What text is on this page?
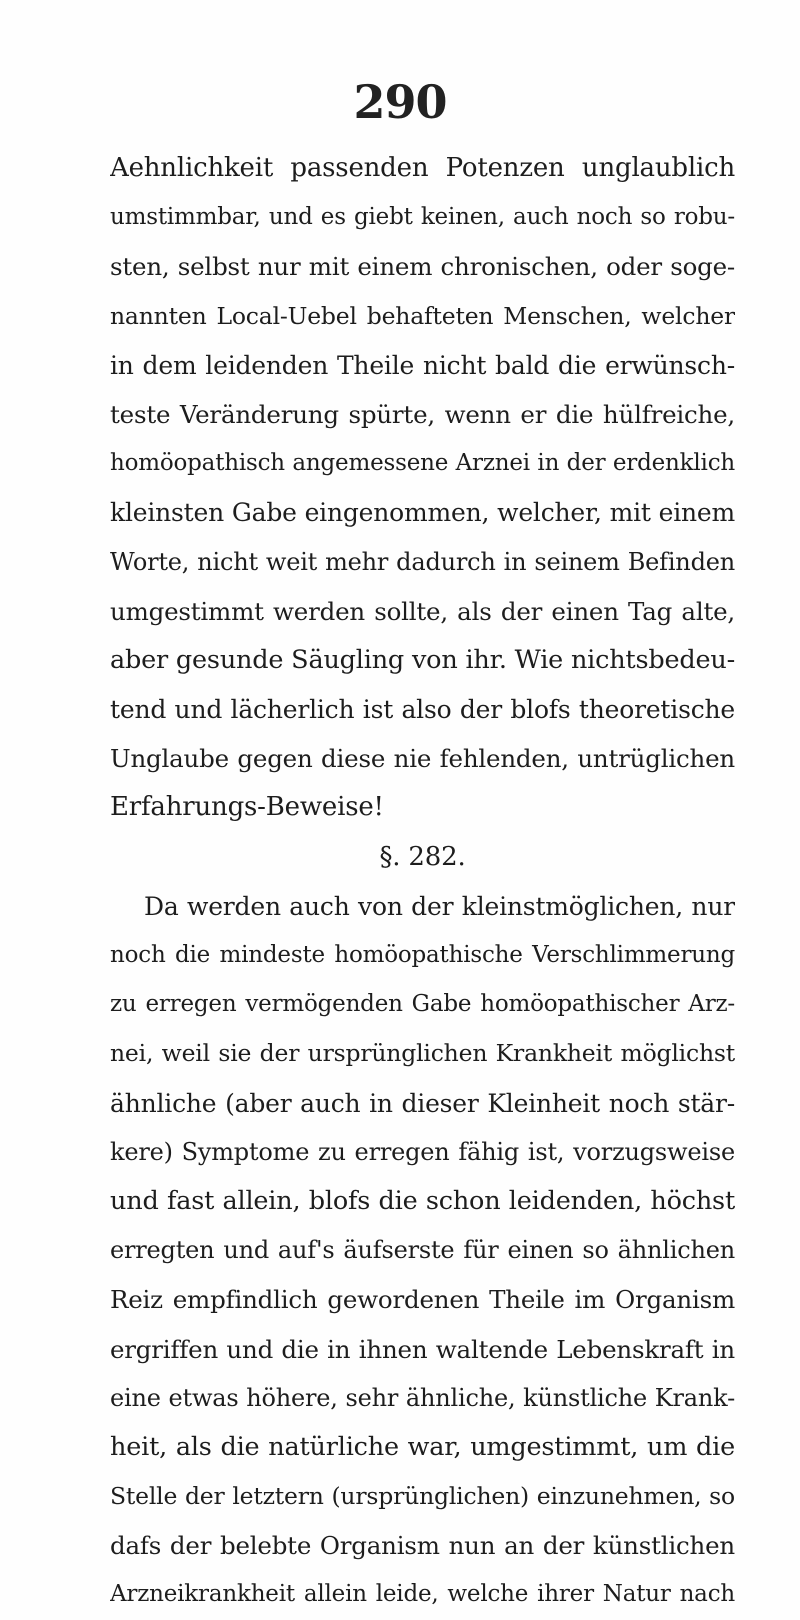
290
Aehnlichkeit passenden Potenzen unglaublich
umstimmbar, und es giebt keinen, auch noch so robu-
sten, selbst nur mit einem chronischen, oder soge-
nannten Local-Uebel behafteten Menschen, welcher
in dem leidenden Theile nicht bald die erwünsch-
teste Veränderung spürte, wenn er die hülfreiche,
homöopathisch angemessene Arznei in der erdenklich
kleinsten Gabe eingenommen, welcher, mit einem
Worte, nicht weit mehr dadurch in seinem Befinden
umgestimmt werden sollte, als der einen Tag alte,
aber gesunde Säugling von ihr. Wie nichtsbedeu-
tend und lächerlich ist also der blofs theoretische
Unglaube gegen diese nie fehlenden, untrüglichen
Erfahrungs-Beweise!
§. 282.
Da werden auch von der kleinstmöglichen, nur
noch die mindeste homöopathische Verschlimmerung
zu erregen vermögenden Gabe homöopathischer Arz-
nei, weil sie der ursprünglichen Krankheit möglichst
ähnliche (aber auch in dieser Kleinheit noch stär-
kere) Symptome zu erregen fähig ist, vorzugsweise
und fast allein, blofs die schon leidenden, höchst
erregten und auf's äufserste für einen so ähnlichen
Reiz empfindlich gewordenen Theile im Organism
ergriffen und die in ihnen waltende Lebenskraft in
eine etwas höhere, sehr ähnliche, künstliche Krank-
heit, als die natürliche war, umgestimmt, um die
Stelle der letztern (ursprünglichen) einzunehmen, so
dafs der belebte Organism nun an der künstlichen
Arzneikrankheit allein leide, welche ihrer Natur nach
